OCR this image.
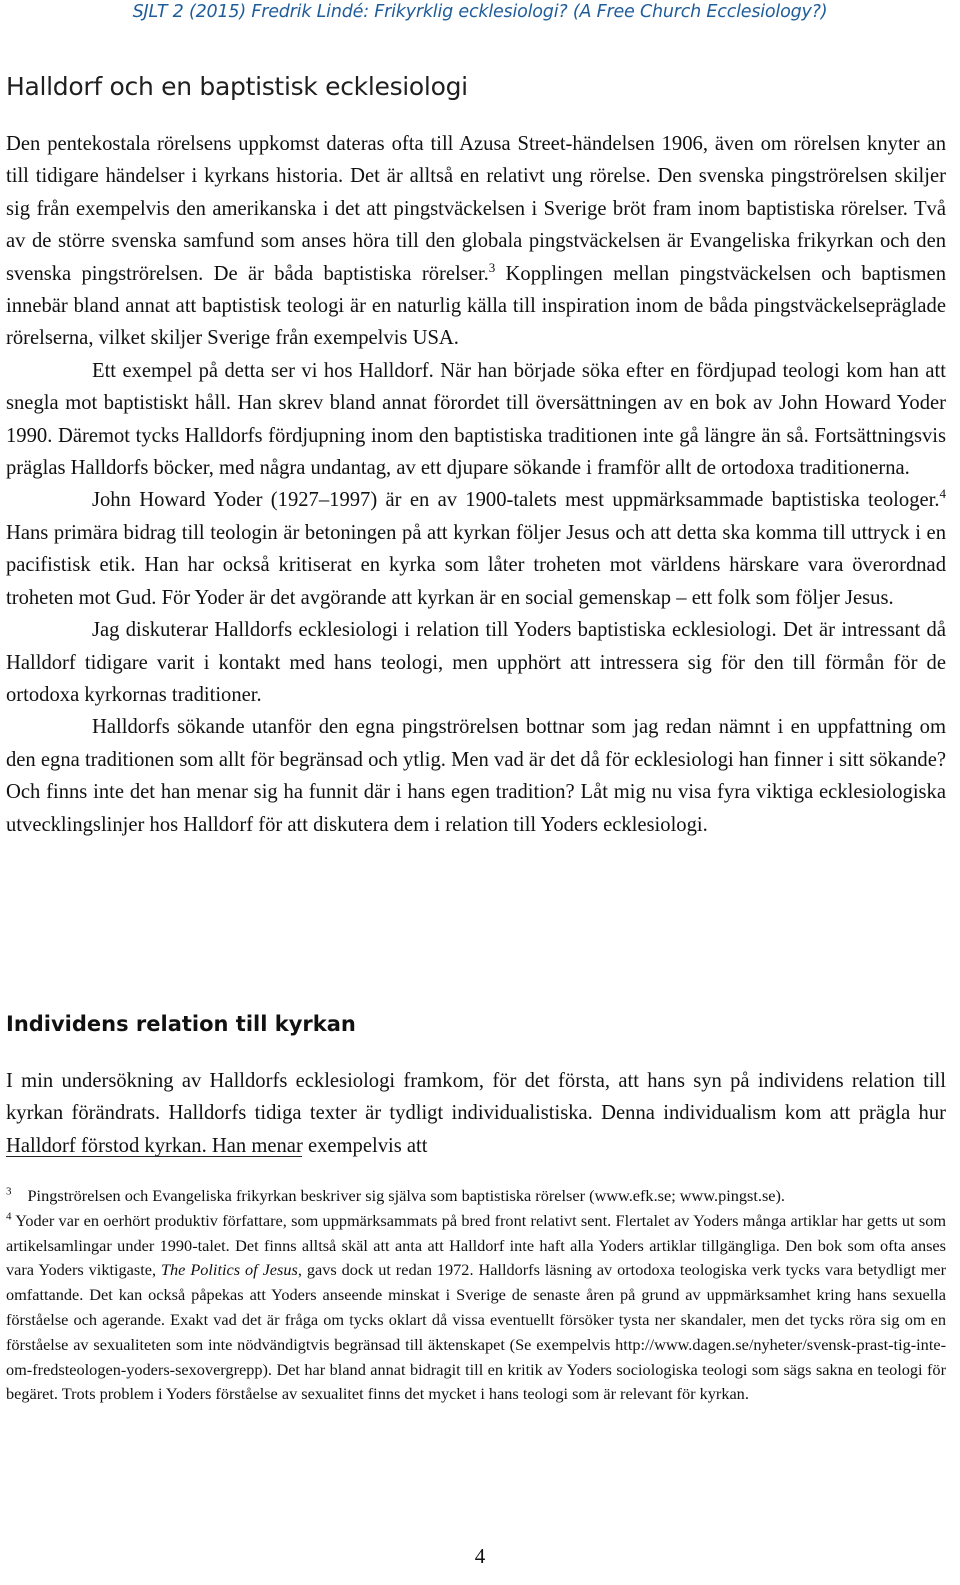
SJLT 2 (2015) Fredrik Lindé: Frikyrklig ecklesiologi? (A Free Church Ecclesiology?)
Halldorf och en baptistisk ecklesiologi

Den pentekostala rörelsens uppkomst dateras ofta till Azusa Street-händelsen 1906, även om rörelsen knyter an till tidigare händelser i kyrkans historia. Det är alltså en relativt ung rörelse. Den svenska pingströrelsen skiljer sig från exempelvis den amerikanska i det att pingstväckelsen i Sverige bröt fram inom baptistiska rörelser. Två av de större svenska samfund som anses höra till den globala pingstväckelsen är Evangeliska frikyrkan och den svenska pingströrelsen. De är båda baptistiska rörelser.$^3$ Kopplingen mellan pingstväckelsen och baptismen innebär bland annat att baptistisk teologi är en naturlig källa till inspiration inom de båda pingstväckelsepräglade rörelserna, vilket skiljer Sverige från exempelvis USA.

Ett exempel på detta ser vi hos Halldorf. När han började söka efter en fördjupad teologi kom han att snegla mot baptistiskt håll. Han skrev bland annat förordet till översättningen av en bok av John Howard Yoder 1990. Däremot tycks Halldorfs fördjupning inom den baptistiska traditionen inte gå längre än så. Fortsättningsvis präglas Halldorfs böcker, med några undantag, av ett djupare sökande i framför allt de ortodoxa traditionerna.

John Howard Yoder (1927–1997) är en av 1900-talets mest uppmärksammade baptistiska teologer.$^4$ Hans primära bidrag till teologin är betoningen på att kyrkan följer Jesus och att detta ska komma till uttryck i en pacifistisk etik. Han har också kritiserat en kyrka som låter troheten mot världens härskare vara överordnad troheten mot Gud. För Yoder är det avgörande att kyrkan är en social gemenskap – ett folk som följer Jesus.

Jag diskuterar Halldorfs ecklesiologi i relation till Yoders baptistiska ecklesiologi. Det är intressant då Halldorf tidigare varit i kontakt med hans teologi, men upphört att intressera sig för den till förmån för de ortodoxa kyrkornas traditioner.

Halldorfs sökande utanför den egna pingströrelsen bottnar som jag redan nämnt i en uppfattning om den egna traditionen som allt för begränsad och ytlig. Men vad är det då för ecklesiologi han finner i sitt sökande? Och finns inte det han menar sig ha funnit där i hans egen tradition? Låt mig nu visa fyra viktiga ecklesiologiska utvecklingslinjer hos Halldorf för att diskutera dem i relation till Yoders ecklesiologi.

Individens relation till kyrkan

I min undersökning av Halldorfs ecklesiologi framkom, för det första, att hans syn på individens relation till kyrkan förändrats. Halldorfs tidiga texter är tydligt individualistiska. Denna individualism kom att prägla hur Halldorf förstod kyrkan. Han menar exempelvis att

$^3$ Pingströrelsen och Evangeliska frikyrkan beskriver sig själva som baptistiska rörelser (www.efk.se; www.pingst.se).

$^4$ Yoder var en oerhört produktiv författare, som uppmärksammats på bred front relativt sent. Flertalet av Yoders många artiklar har getts ut som artikelsamlingar under 1990-talet. Det finns alltså skäl att anta att Halldorf inte haft alla Yoders artiklar tillgängliga. Den bok som ofta anses vara Yoders viktigaste, The Politics of Jesus, gavs dock ut redan 1972. Halldorfs läsning av ortodoxa teologiska verk tycks vara betydligt mer omfattande. Det kan också påpekas att Yoders anseende minskat i Sverige de senaste åren på grund av uppmärksamhet kring hans sexuella förståelse och agerande. Exakt vad det är fråga om tycks oklart då vissa eventuellt försöker tysta ner skandaler, men det tycks röra sig om en förståelse av sexualiteten som inte nödvändigtvis begränsad till äktenskapet (Se exempelvis http://www.dagen.se/nyheter/svensk-prast-tig-inte-om-fredsteologen-yoders-sexovergrepp). Det har bland annat bidragit till en kritik av Yoders sociologiska teologi som sägs sakna en teologi för begäret. Trots problem i Yoders förståelse av sexualitet finns det mycket i hans teologi som är relevant för kyrkan.

4
